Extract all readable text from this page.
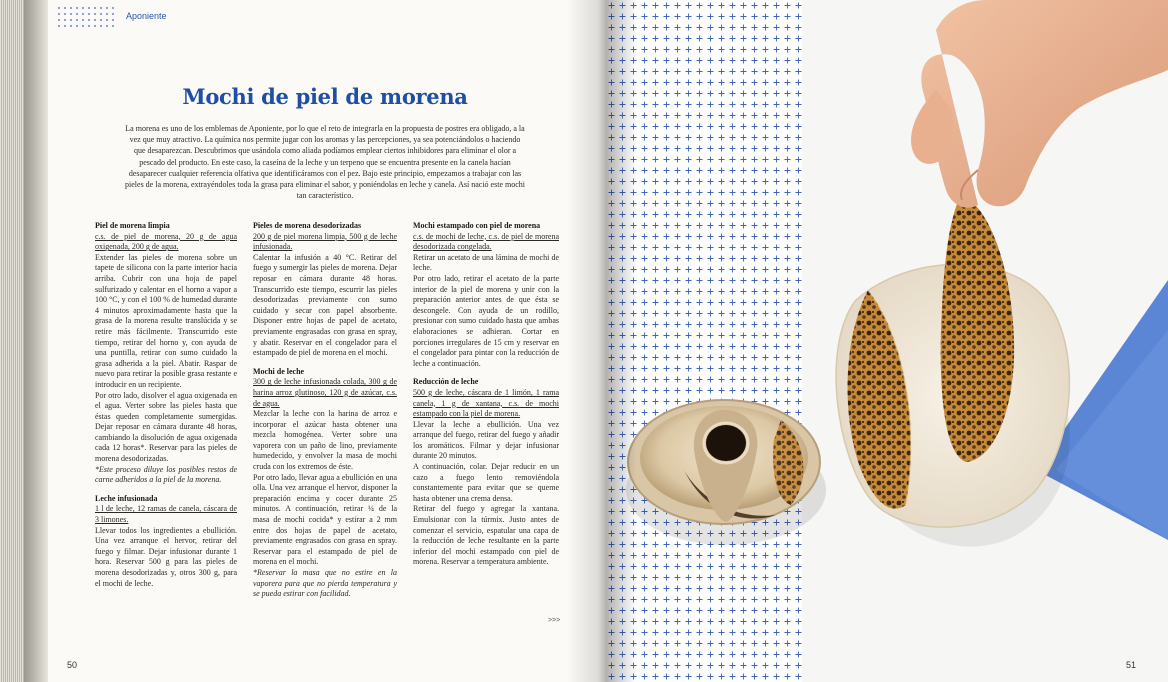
Aponiente
Mochi de piel de morena
La morena es uno de los emblemas de Aponiente, por lo que el reto de integrarla en la propuesta de postres era obligado, a la vez que muy atractivo. La química nos permite jugar con los aromas y las percepciones, ya sea potenciándolos o haciendo que desaparezcan. Descubrimos que usándola como aliada podíamos emplear ciertos inhibidores para eliminar el olor a pescado del producto. En este caso, la caseína de la leche y un terpeno que se encuentra presente en la canela hacían desaparecer cualquier referencia olfativa que identificáramos con el pez. Bajo este principio, empezamos a trabajar con las pieles de la morena, extrayéndoles toda la grasa para eliminar el sabor, y poniéndolas en leche y canela. Así nació este mochi tan característico.
Piel de morena limpia
c.s. de piel de morena, 20 g de agua oxigenada, 200 g de agua.
Extender las pieles de morena sobre un tapete de silicona con la parte interior hacia arriba. Cubrir con una hoja de papel sulfurizado y calentar en el horno a vapor a 100 °C, y con el 100 % de humedad durante 4 minutos aproximadamente hasta que la grasa de la morena resulte translúcida y se retire más fácilmente. Transcurrido este tiempo, retirar del horno y, con ayuda de una puntilla, retirar con sumo cuidado la grasa adherida a la piel. Abatir. Raspar de nuevo para retirar la posible grasa restante e introducir en un recipiente.
Por otro lado, disolver el agua oxigenada en el agua. Verter sobre las pieles hasta que éstas queden completamente sumergidas. Dejar reposar en cámara durante 48 horas, cambiando la disolución de agua oxigenada cada 12 horas*. Reservar para las pieles de morena desodorizadas.
*Este proceso diluye los posibles restos de carne adheridos a la piel de la morena.
Leche infusionada
1 l de leche, 12 ramas de canela, cáscara de 3 limones.
Llevar todos los ingredientes a ebullición. Una vez arranque el hervor, retirar del fuego y filmar. Dejar infusionar durante 1 hora. Reservar 500 g para las pieles de morena desodorizadas y, otros 300 g, para el mochi de leche.
Pieles de morena desodorizadas
200 g de piel morena limpia, 500 g de leche infusionada.
Calentar la infusión a 40 °C. Retirar del fuego y sumergir las pieles de morena. Dejar reposar en cámara durante 48 horas. Transcurrido este tiempo, escurrir las pieles desodorizadas previamente con sumo cuidado y secar con papel absorbente. Disponer entre hojas de papel de acetato, previamente engrasadas con grasa en spray, y abatir. Reservar en el congelador para el estampado de piel de morena en el mochi.
Mochi de leche
300 g de leche infusionada colada, 300 g de harina arroz glutinoso, 120 g de azúcar, c.s. de agua.
Mezclar la leche con la harina de arroz e incorporar el azúcar hasta obtener una mezcla homogénea. Verter sobre una vaporera con un paño de lino, previamente humedecido, y envolver la masa de mochi cruda con los extremos de éste.
Por otro lado, llevar agua a ebullición en una olla. Una vez arranque el hervor, disponer la preparación encima y cocer durante 25 minutos. A continuación, retirar ¼ de la masa de mochi cocida* y estirar a 2 mm entre dos hojas de papel de acetato, previamente engrasados con grasa en spray. Reservar para el estampado de piel de morena en el mochi.
*Reservar la masa que no estire en la vaporera para que no pierda temperatura y se pueda estirar con facilidad.
Mochi estampado con piel de morena
c.s. de mochi de leche, c.s. de piel de morena desodorizada congelada.
Retirar un acetato de una lámina de mochi de leche.
Por otro lado, retirar el acetato de la parte interior de la piel de morena y unir con la preparación anterior antes de que ésta se descongele. Con ayuda de un rodillo, presionar con sumo cuidado hasta que ambas elaboraciones se adhieran. Cortar en porciones irregulares de 15 cm y reservar en el congelador para pintar con la reducción de leche a continuación.
Reducción de leche
500 g de leche, cáscara de 1 limón, 1 rama canela, 1 g de xantana, c.s. de mochi estampado con la piel de morena.
Llevar la leche a ebullición. Una vez arranque del fuego, retirar del fuego y añadir los aromáticos. Filmar y dejar infusionar durante 20 minutos.
A continuación, colar. Dejar reducir en un cazo a fuego lento removiéndola constantemente para evitar que se queme hasta obtener una crema densa.
Retirar del fuego y agregar la xantana. Emulsionar con la túrmix. Justo antes de comenzar el servicio, espatular una capa de la reducción de leche resultante en la parte inferior del mochi estampado con piel de morena. Reservar a temperatura ambiente.
>>>
50	51
